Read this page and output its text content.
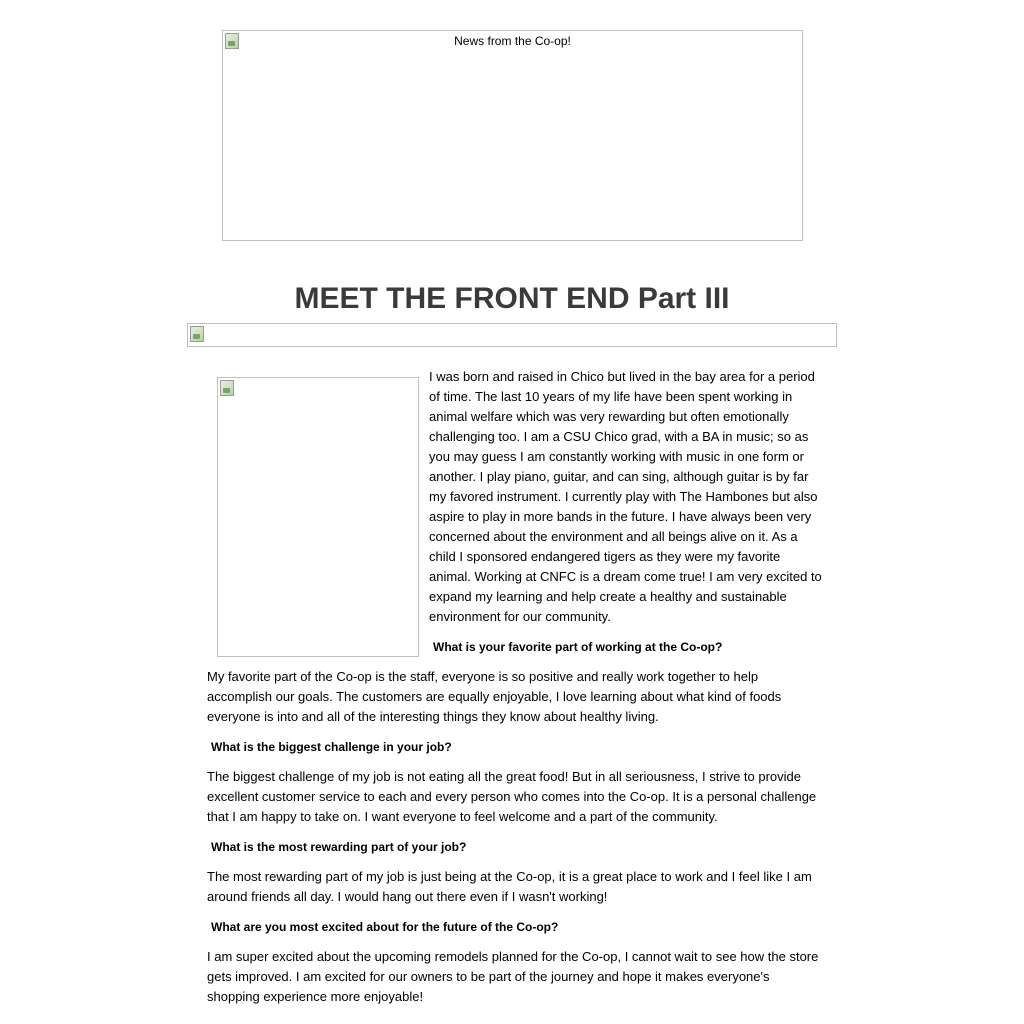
News from the Co-op!
MEET THE FRONT END Part III

I was born and raised in Chico but lived in the bay area for a period of time. The last 10 years of my life have been spent working in animal welfare which was very rewarding but often emotionally challenging too. I am a CSU Chico grad, with a BA in music; so as you may guess I am constantly working with music in one form or another. I play piano, guitar, and can sing, although guitar is by far my favored instrument. I currently play with The Hambones but also aspire to play in more bands in the future. I have always been very concerned about the environment and all beings alive on it. As a child I sponsored endangered tigers as they were my favorite animal. Working at CNFC is a dream come true! I am very excited to expand my learning and help create a healthy and sustainable environment for our community.

What is your favorite part of working at the Co-op?

My favorite part of the Co-op is the staff, everyone is so positive and really work together to help accomplish our goals. The customers are equally enjoyable, I love learning about what kind of foods everyone is into and all of the interesting things they know about healthy living.

What is the biggest challenge in your job?

The biggest challenge of my job is not eating all the great food! But in all seriousness, I strive to provide excellent customer service to each and every person who comes into the Co-op. It is a personal challenge that I am happy to take on. I want everyone to feel welcome and a part of the community.

What is the most rewarding part of your job?

The most rewarding part of my job is just being at the Co-op, it is a great place to work and I feel like I am around friends all day. I would hang out there even if I wasn't working!

What are you most excited about for the future of the Co-op?

I am super excited about the upcoming remodels planned for the Co-op, I cannot wait to see how the store gets improved. I am excited for our owners to be part of the journey and hope it makes everyone's shopping experience more enjoyable!
